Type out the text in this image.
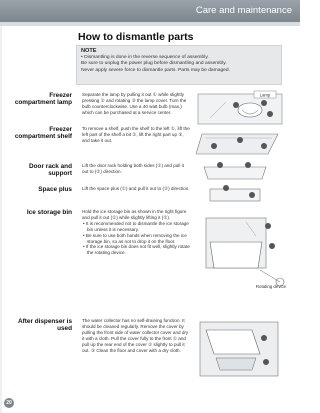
Care and maintenance
How to dismantle parts
NOTE
• Dismantling is done in the reverse sequence of assembly.
Be sure to unplug the power plug before dismantling and assembly.
Never apply severe force to dismantle parts. Parts may be damaged.
Freezer compartment lamp

Separate the lamp by pulling it out ① while slightly pressing ② and rotating ③ the lamp cover. Turn the bulb counterclockwise. Use a 40 watt bulb (max.) which can be purchased at a service center.

Freezer compartment shelf

To remove a shelf, push the shelf to the left ①, lift the left part of the shelf a bit ②, lift the right part up ③, and take it out.

Door rack and support

Lift the door rack holding both sides (①) and pull it out to (②) direction.

Space plus Lift the space plus (①) and pull it out to (②) direction.

Ice storage bin Hold the ice storage bin as shown in the right figure and pull it out (①) while slightly lifting it (②).

• It is recommended not to dismantle the ice storage bin unless it is necessary.

• Be sure to use both hands when removing the ice storage bin, so as not to drop it on the floor.

• If the ice storage bin does not fit well, slightly rotate the rotating device.

After dispenser is used

The water collector has no self-draining function. It should be cleaned regularly. Remove the cover by pulling the front side of water collector cover and dry it with a cloth. Pull the cover fully to the front ① and pull up the rear end of the cover ② slightly to pull it out. ③ Clean the floor and cover with a dry cloth.

Lamp
Rotating device
20
